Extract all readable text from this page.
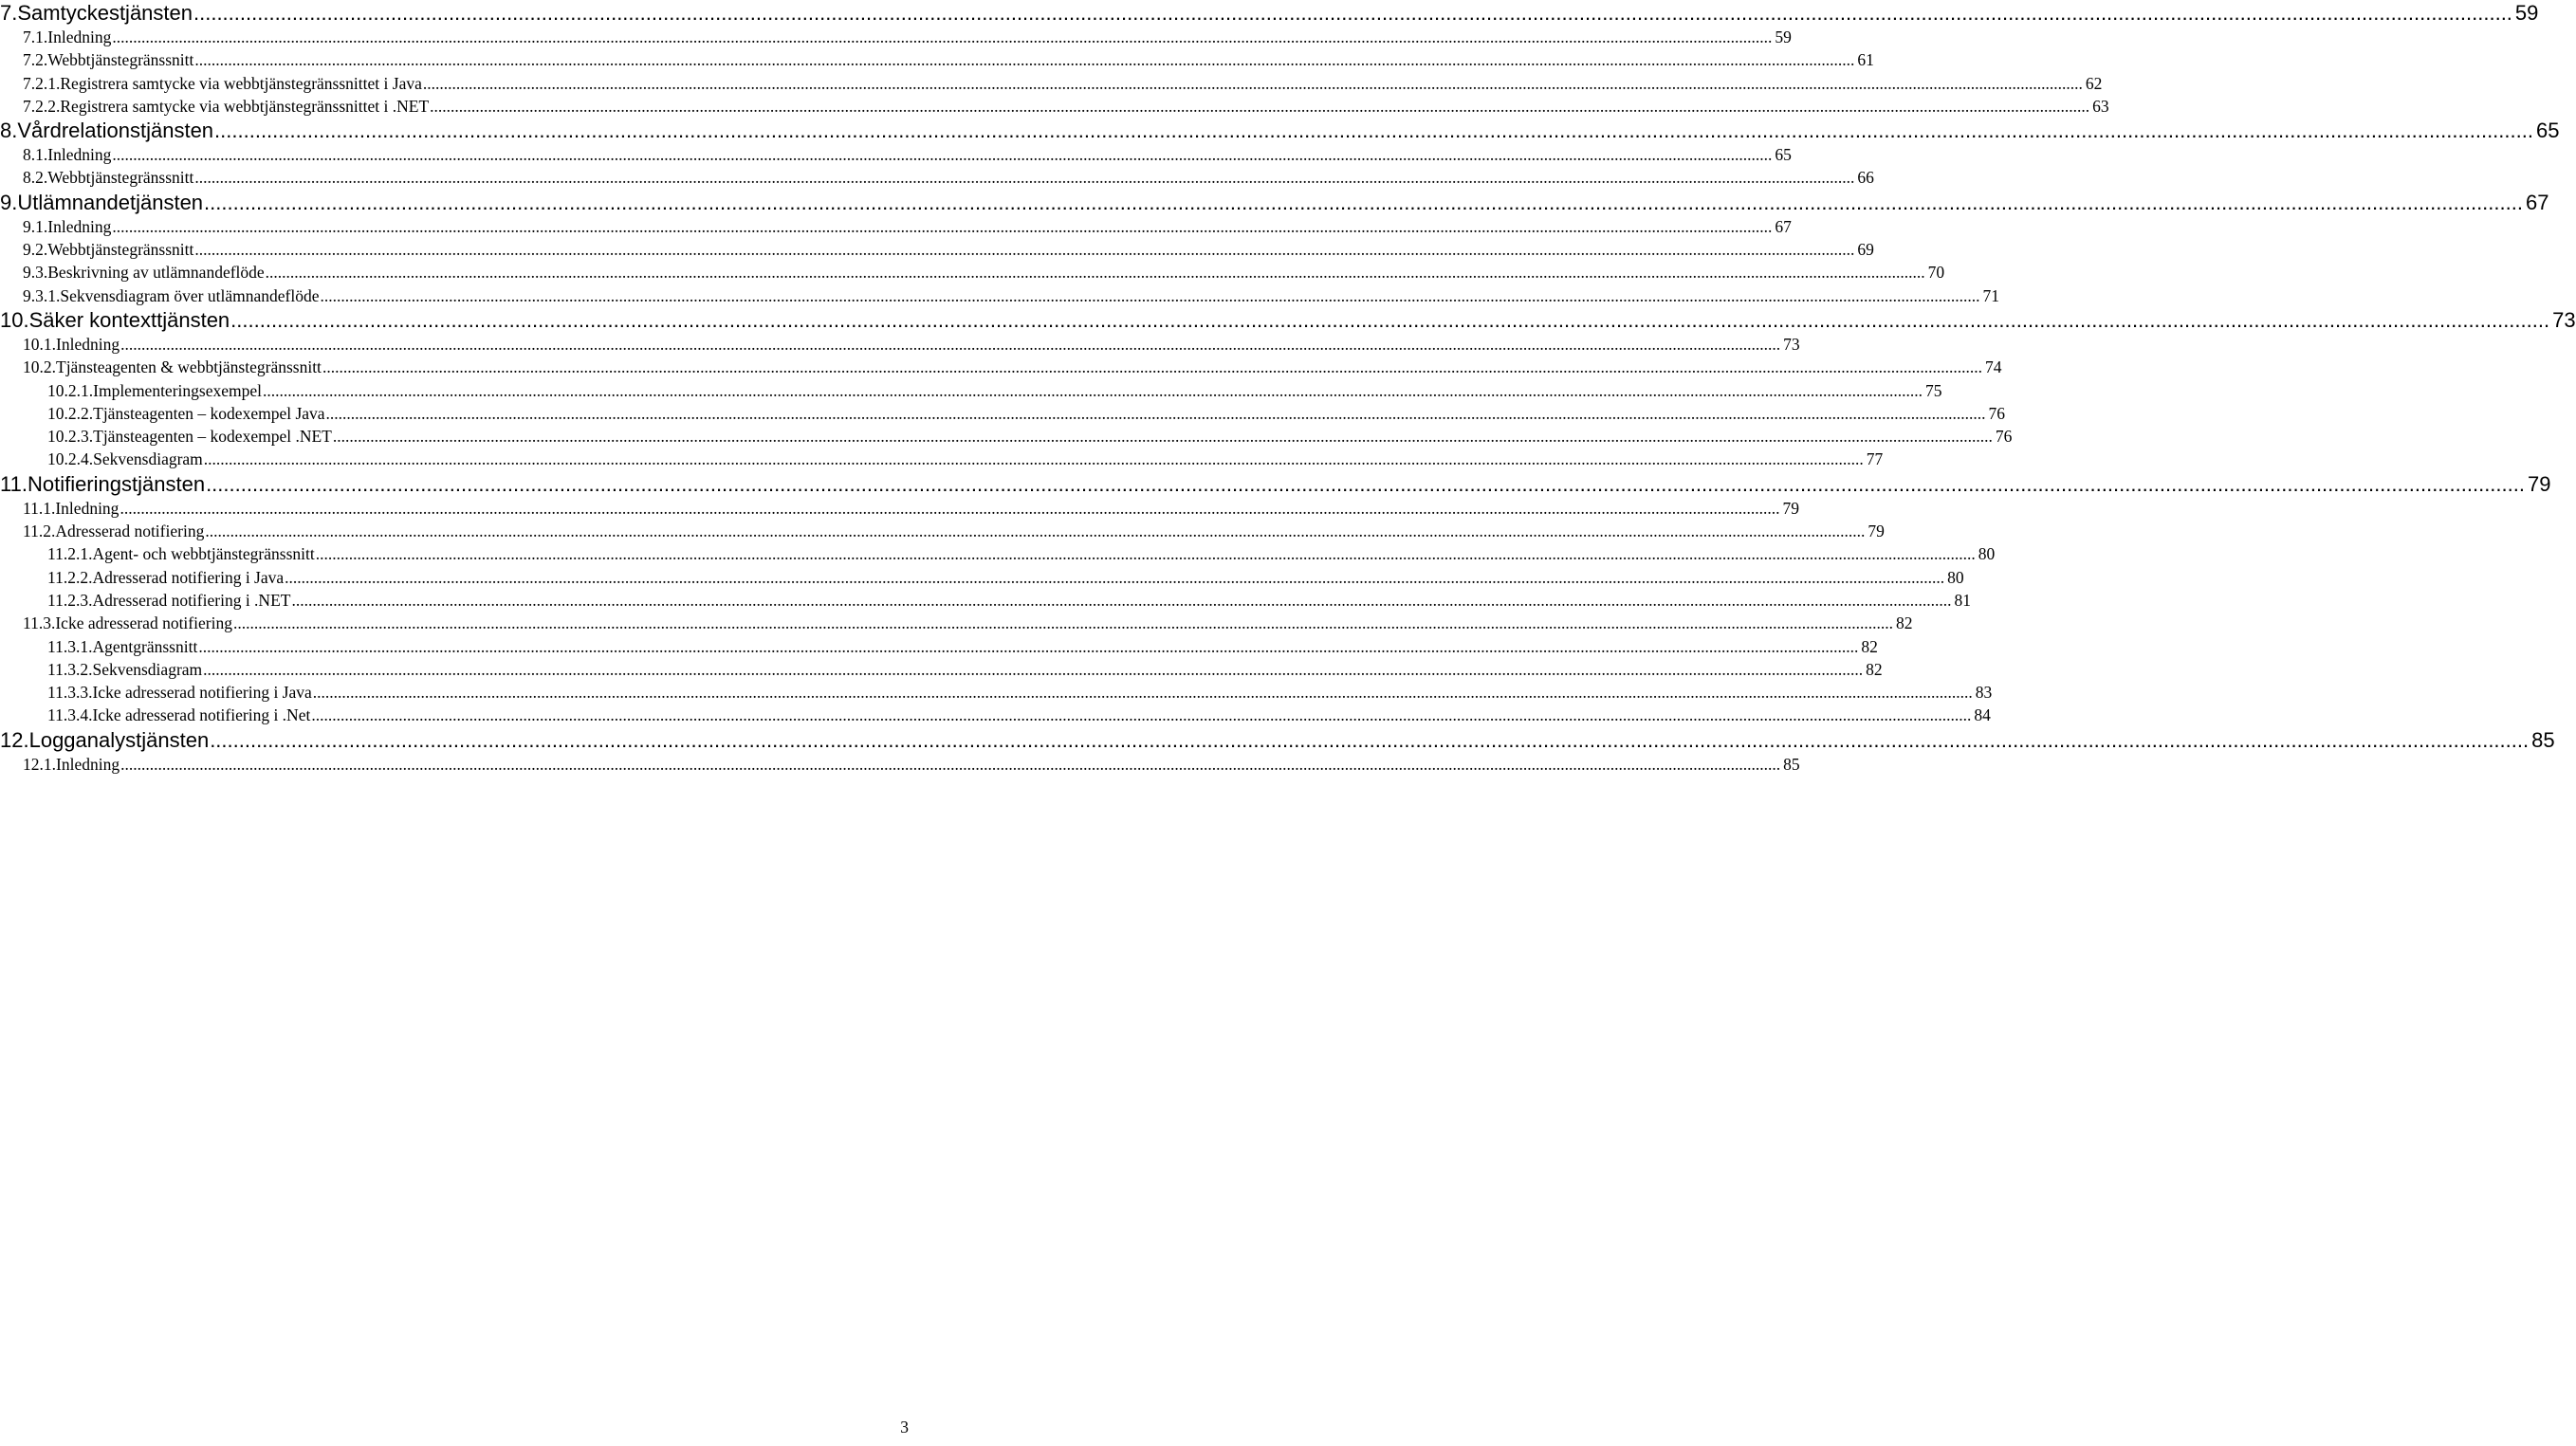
7. Samtyckestjänsten ................................................................................................................................................................................................................................................................................................................................................................................................................ 59
7.1. Inledning ................................................................................................................................................................................................................................................................................................................................................................................................................ 59
7.2. Webbtjänstegränssnitt ................................................................................................................................................................................................................................................................................................................................................................................................................ 61
7.2.1. Registrera samtycke via webbtjänstegränssnittet i Java ................................................................................................................................................................................................................................................................................................................................................................................................................ 62
7.2.2. Registrera samtycke via webbtjänstegränssnittet i .NET ................................................................................................................................................................................................................................................................................................................................................................................................................ 63
8. Vårdrelationstjänsten ................................................................................................................................................................................................................................................................................................................................................................................................................ 65
8.1. Inledning ................................................................................................................................................................................................................................................................................................................................................................................................................ 65
8.2. Webbtjänstegränssnitt ................................................................................................................................................................................................................................................................................................................................................................................................................ 66
9. Utlämnandetjänsten ................................................................................................................................................................................................................................................................................................................................................................................................................ 67
9.1. Inledning ................................................................................................................................................................................................................................................................................................................................................................................................................ 67
9.2. Webbtjänstegränssnitt ................................................................................................................................................................................................................................................................................................................................................................................................................ 69
9.3. Beskrivning av utlämnandeflöde ................................................................................................................................................................................................................................................................................................................................................................................................................ 70
9.3.1. Sekvensdiagram över utlämnandeflöde ................................................................................................................................................................................................................................................................................................................................................................................................................ 71
10. Säker kontexttjänsten ................................................................................................................................................................................................................................................................................................................................................................................................................ 73
10.1. Inledning ................................................................................................................................................................................................................................................................................................................................................................................................................ 73
10.2. Tjänsteagenten & webbtjänstegränssnitt ................................................................................................................................................................................................................................................................................................................................................................................................................ 74
10.2.1. Implementeringsexempel ................................................................................................................................................................................................................................................................................................................................................................................................................ 75
10.2.2. Tjänsteagenten – kodexempel Java ................................................................................................................................................................................................................................................................................................................................................................................................................ 76
10.2.3. Tjänsteagenten – kodexempel .NET ................................................................................................................................................................................................................................................................................................................................................................................................................ 76
10.2.4. Sekvensdiagram ................................................................................................................................................................................................................................................................................................................................................................................................................ 77
11. Notifieringstjänsten ................................................................................................................................................................................................................................................................................................................................................................................................................ 79
11.1. Inledning ................................................................................................................................................................................................................................................................................................................................................................................................................ 79
11.2. Adresserad notifiering ................................................................................................................................................................................................................................................................................................................................................................................................................ 79
11.2.1. Agent- och webbtjänstegränssnitt ................................................................................................................................................................................................................................................................................................................................................................................................................ 80
11.2.2. Adresserad notifiering i Java ................................................................................................................................................................................................................................................................................................................................................................................................................ 80
11.2.3. Adresserad notifiering i .NET ................................................................................................................................................................................................................................................................................................................................................................................................................ 81
11.3. Icke adresserad notifiering ................................................................................................................................................................................................................................................................................................................................................................................................................ 82
11.3.1. Agentgränssnitt ................................................................................................................................................................................................................................................................................................................................................................................................................ 82
11.3.2. Sekvensdiagram ................................................................................................................................................................................................................................................................................................................................................................................................................ 82
11.3.3. Icke adresserad notifiering i Java ................................................................................................................................................................................................................................................................................................................................................................................................................ 83
11.3.4. Icke adresserad notifiering i .Net ................................................................................................................................................................................................................................................................................................................................................................................................................ 84
12. Logganalystjänsten ................................................................................................................................................................................................................................................................................................................................................................................................................ 85
12.1. Inledning ................................................................................................................................................................................................................................................................................................................................................................................................................ 85
3
